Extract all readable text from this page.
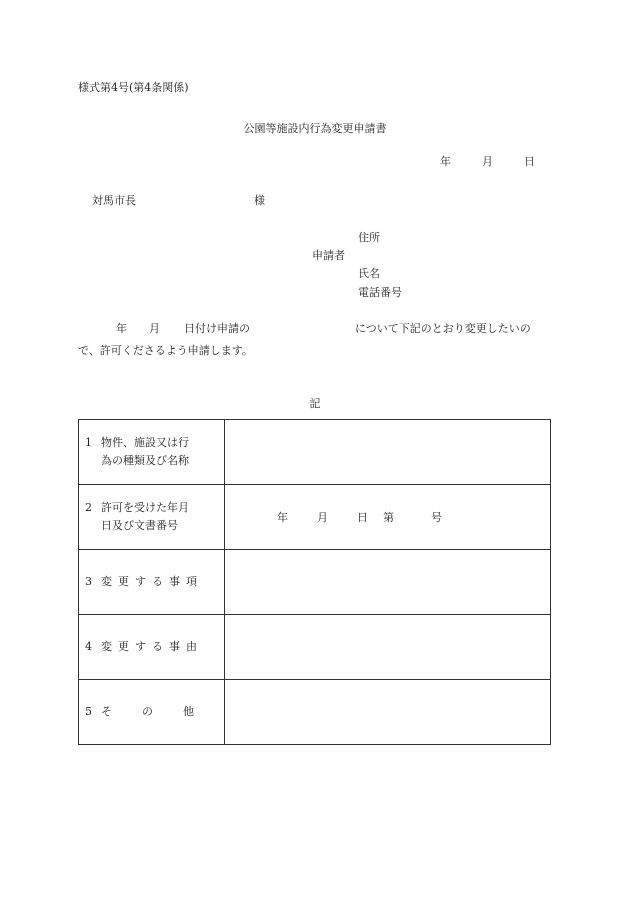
様式第4号(第4条関係)
公園等施設内行為変更申請書
年	月	日
対馬市長	様
住所
申請者
氏名
電話番号
年 月 日付け申請の	について下記のとおり変更したいの
で、許可くださるよう申請します。
記
1 物件、施設又は行
為の種類及び名称	

2 許可を受けた年月
日及び文書番号	年 月 日 第 号

3 変更する事項	

4 変更する事由	

5 その他	
